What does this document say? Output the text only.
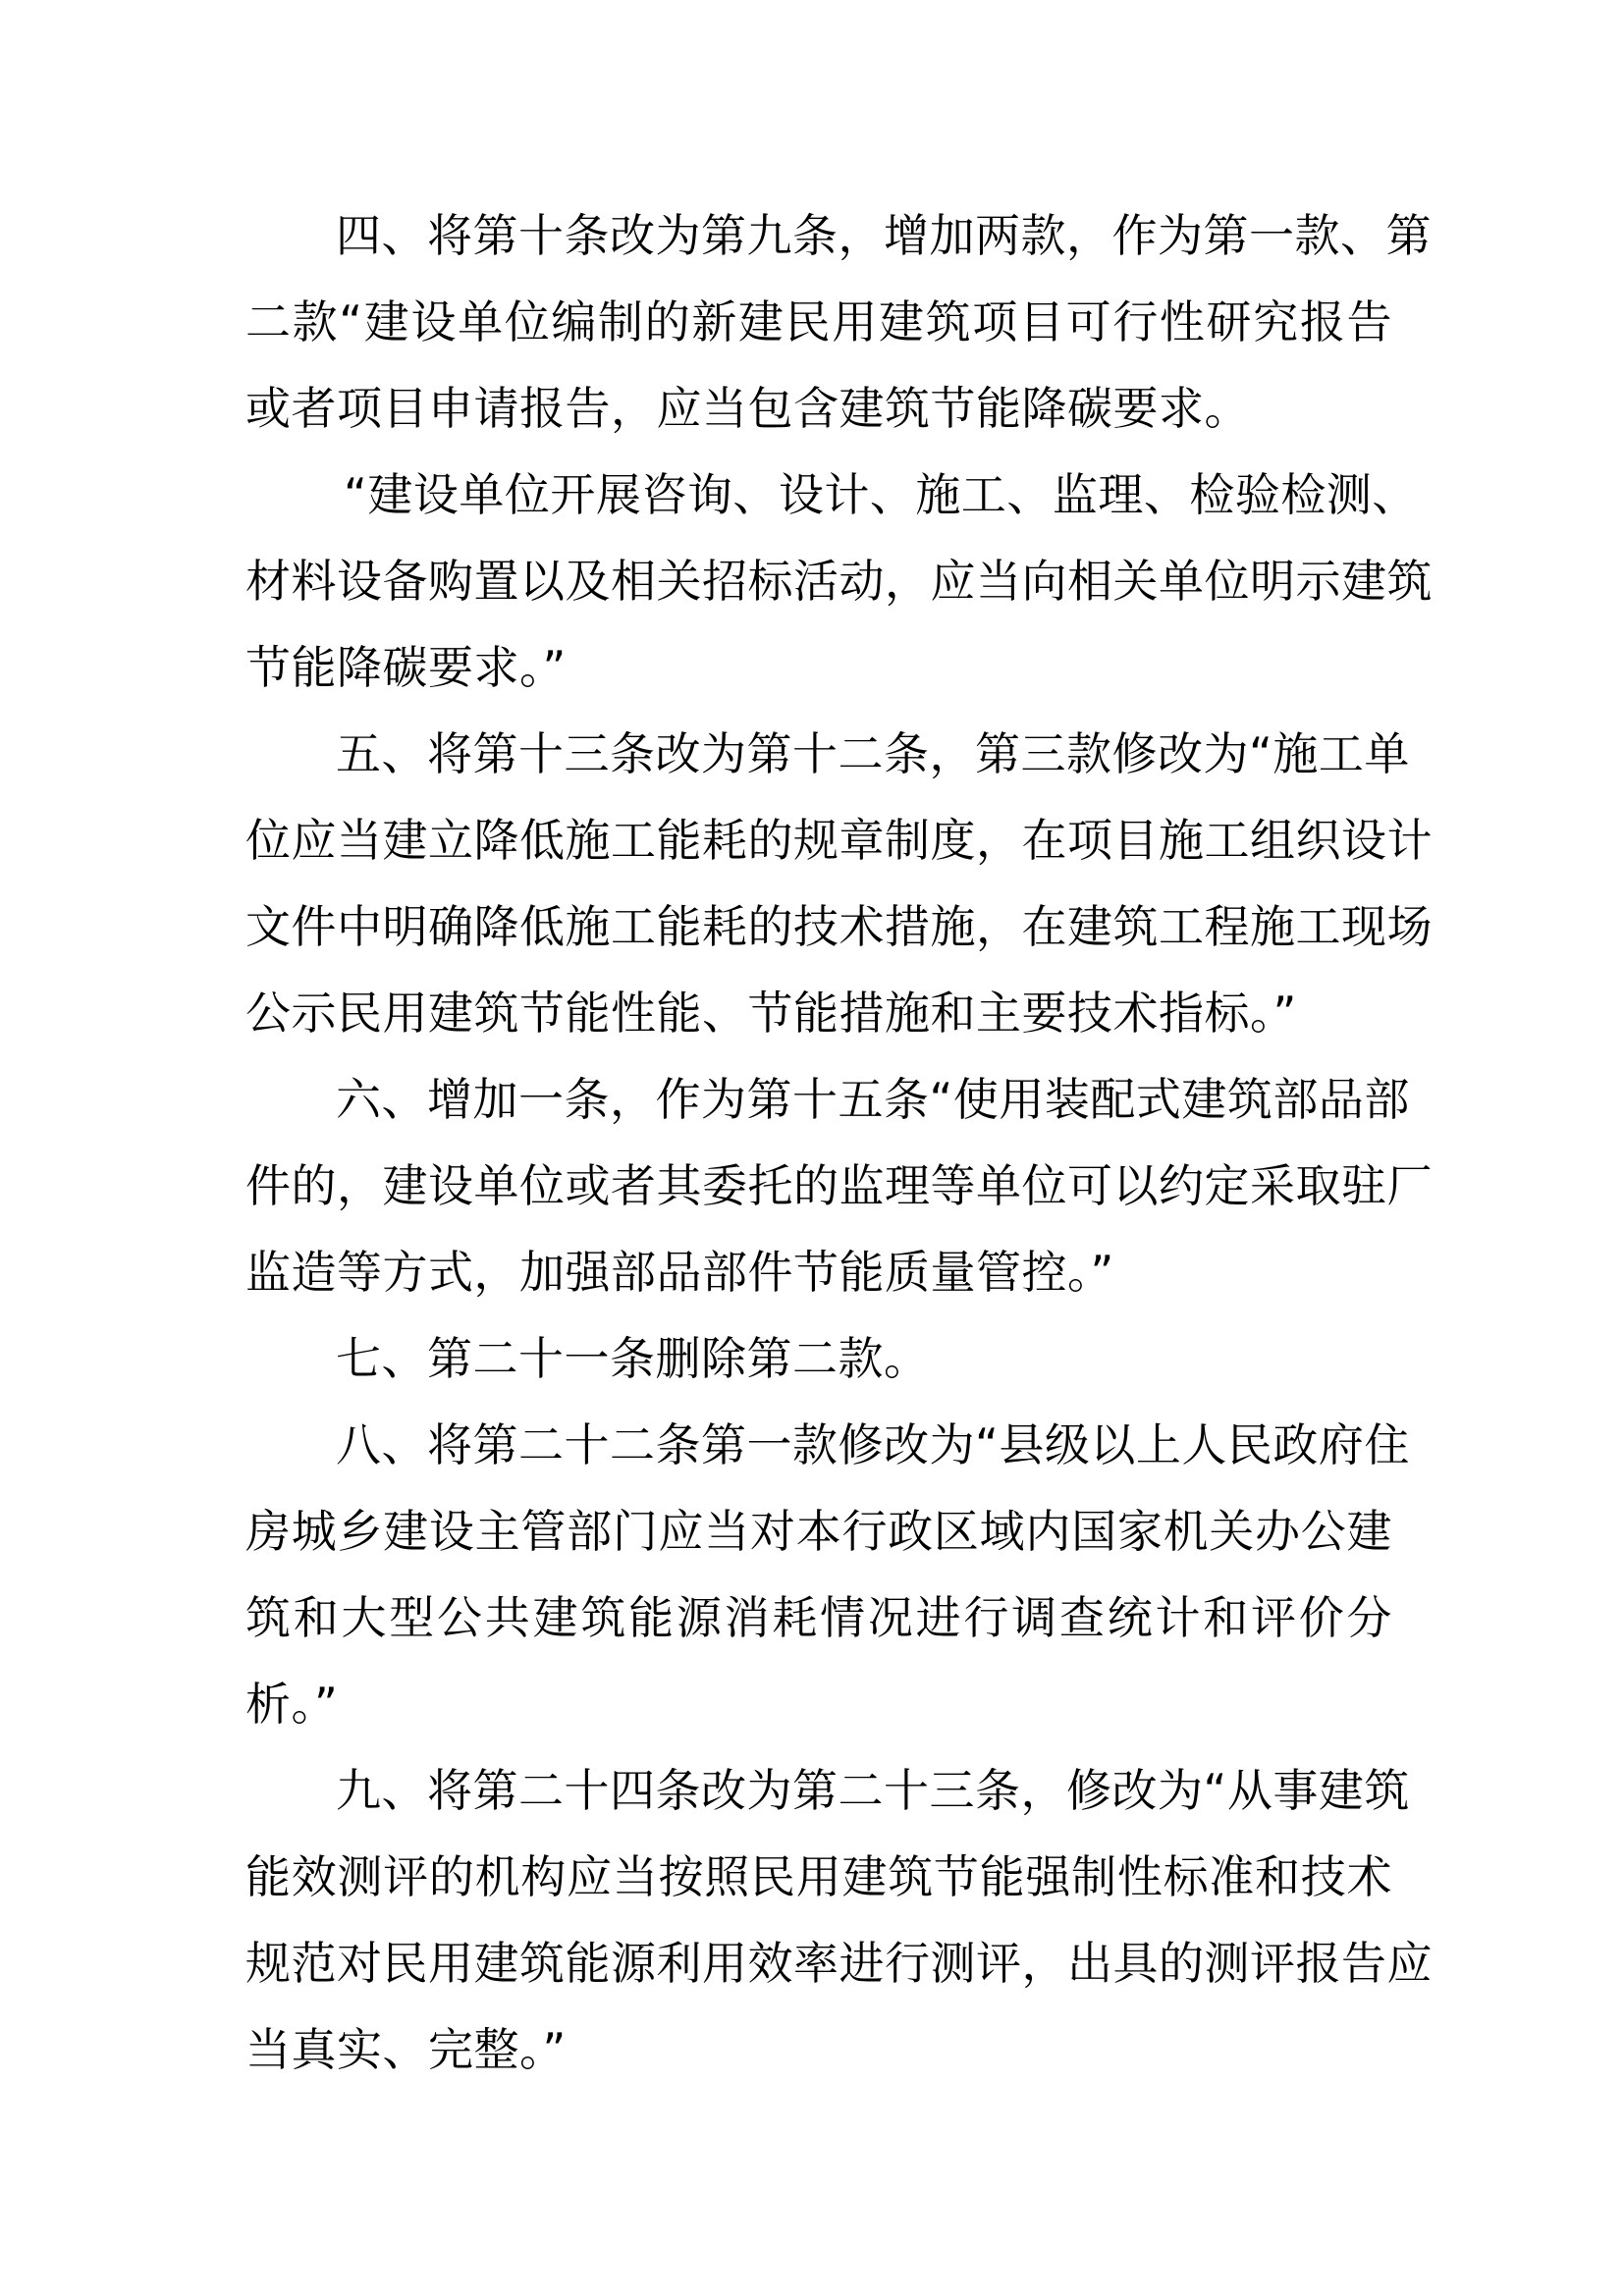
四、将第十条改为第九条，增加两款，作为第一款、第
二款“建设单位编制的新建民用建筑项目可行性研究报告
或者项目申请报告，应当包含建筑节能降碳要求。
“建设单位开展咨询、设计、施工、监理、检验检测、
材料设备购置以及相关招标活动，应当向相关单位明示建筑
节能降碳要求。”
五、将第十三条改为第十二条，第三款修改为“施工单
位应当建立降低施工能耗的规章制度，在项目施工组织设计
文件中明确降低施工能耗的技术措施，在建筑工程施工现场
公示民用建筑节能性能、节能措施和主要技术指标。”
六、增加一条，作为第十五条“使用装配式建筑部品部
件的，建设单位或者其委托的监理等单位可以约定采取驻厂
监造等方式，加强部品部件节能质量管控。”
七、第二十一条删除第二款。
八、将第二十二条第一款修改为“县级以上人民政府住
房城乡建设主管部门应当对本行政区域内国家机关办公建
筑和大型公共建筑能源消耗情况进行调查统计和评价分
析。”
九、将第二十四条改为第二十三条，修改为“从事建筑
能效测评的机构应当按照民用建筑节能强制性标准和技术
规范对民用建筑能源利用效率进行测评，出具的测评报告应
当真实、完整。”
